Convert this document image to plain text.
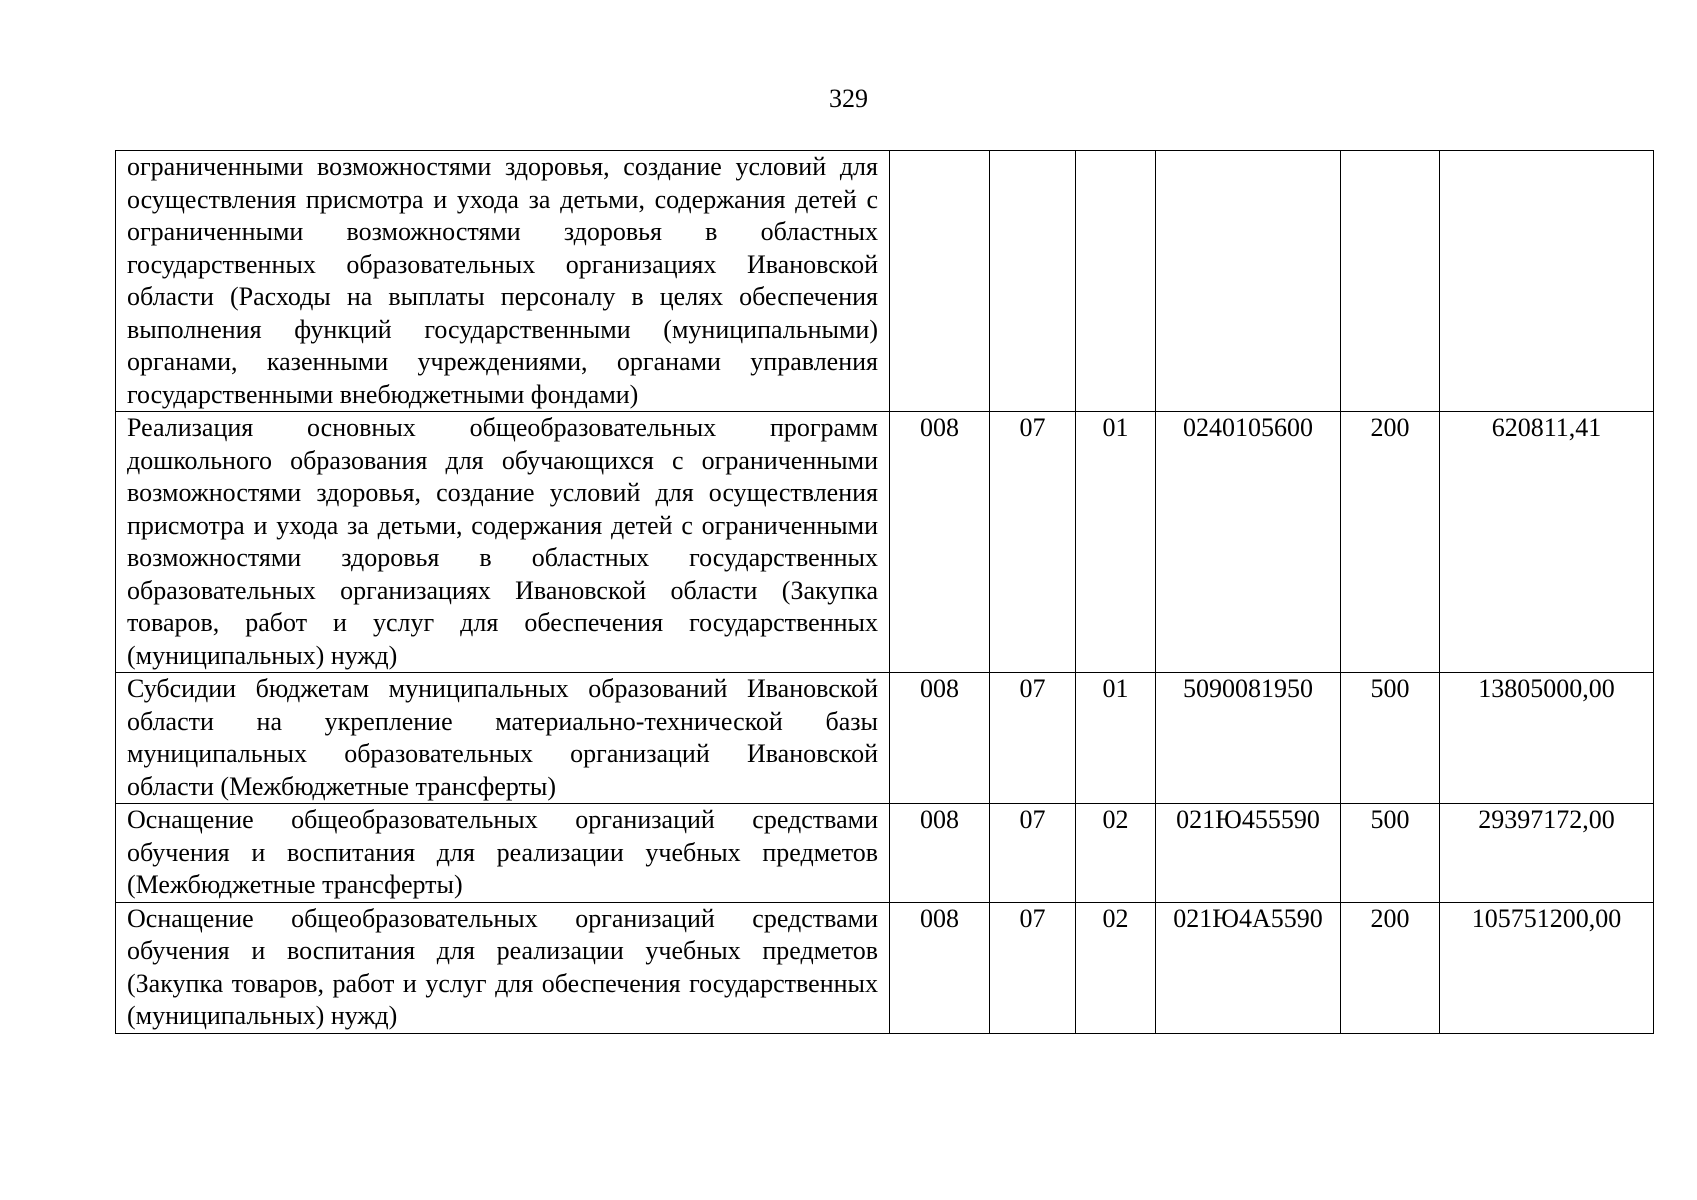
329
ограниченными возможностями здоровья, создание условий для осуществления присмотра и ухода за детьми, содержания детей с ограниченными возможностями здоровья в областных государственных образовательных организациях Ивановской области (Расходы на выплаты персоналу в целях обеспечения выполнения функций государственными (муниципальными) органами, казенными учреждениями, органами управления государственными внебюджетными фондами)						
Реализация основных общеобразовательных программ дошкольного образования для обучающихся с ограниченными возможностями здоровья, создание условий для осуществления присмотра и ухода за детьми, содержания детей с ограниченными возможностями здоровья в областных государственных образовательных организациях Ивановской области (Закупка товаров, работ и услуг для обеспечения государственных (муниципальных) нужд)	008	07	01	0240105600	200	620811,41
Субсидии бюджетам муниципальных образований Ивановской области на укрепление материально-технической базы муниципальных образовательных организаций Ивановской области (Межбюджетные трансферты)	008	07	01	5090081950	500	13805000,00
Оснащение общеобразовательных организаций средствами обучения и воспитания для реализации учебных предметов (Межбюджетные трансферты)	008	07	02	021Ю455590	500	29397172,00
Оснащение общеобразовательных организаций средствами обучения и воспитания для реализации учебных предметов (Закупка товаров, работ и услуг для обеспечения государственных (муниципальных) нужд)	008	07	02	021Ю4А5590	200	105751200,00
